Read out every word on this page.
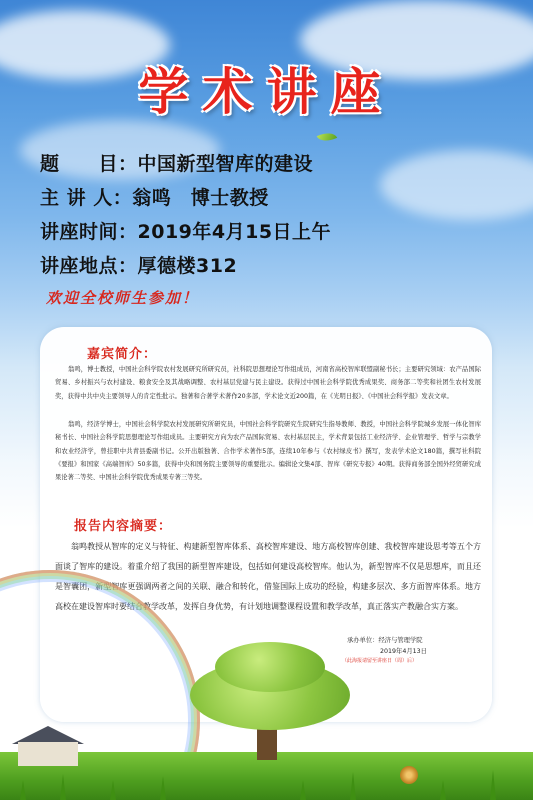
学术讲座
题　　目：中国新型智库的建设
主 讲 人：翁鸣　博士教授
讲座时间：2019年4月15日上午
讲座地点：厚德楼312
欢迎全校师生参加！
嘉宾简介：
翁鸣，博士教授，中国社会科学院农村发展研究所研究员，社科院思想理论写作组成员，河南省高校智库联盟副秘书长；主要研究领域：农产品国际贸易、乡村振兴与农村建设、粮食安全及其战略调整、农村基层党建与民主建设。获得过中国社会科学院优秀成果奖、商务部二等奖和社团生农村发展奖，获得中共中央主要领导人的肯定性批示。独著和合著学术著作20多部，学术论文近200篇，在《光明日报》、《中国社会科学报》发表文章。
翁鸣，经济学博士，中国社会科学院农村发展研究所研究员，中国社会科学院研究生院研究生指导教师、教授，中国社会科学院城乡发展一体化智库秘书长、中国社会科学院思想理论写作组成员。主要研究方向为农产品国际贸易、农村基层民主，学术背景包括工业经济学、企业管理学、哲学与宗教学和农业经济学，曾挂职中共青县委副书记。公开出版独著、合作学术著作5部，连续10年参与《农村绿皮书》撰写，发表学术论文180篇，撰写社科院《要报》和国家《高端智库》50多篇，获得中央和国务院主要领导的重要批示。编辑论文集4部、智库《研究专报》40期。获得商务部全国外经贸研究成果论著二等奖、中国社会科学院优秀成果专著三等奖。
报告内容摘要：
翁鸣教授从智库的定义与特征、构建新型智库体系、高校智库建设、地方高校智库创建、我校智库建设思考等五个方面谈了智库的建设。着重介绍了我国的新型智库建设，包括如何建设高校智库。他认为，新型智库不仅是思想库，而且还是智囊团，新型智库更强调两者之间的关联、融合和转化，借鉴国际上成功的经验，构建多层次、多方面智库体系。地方高校在建设智库时要结合教学改革，发挥自身优势，有计划地调整课程设置和教学改革，真正落实产教融合实方案。
承办单位：经济与管理学院
2019年4月13日
（此海报请留至讲座日（周）后）
